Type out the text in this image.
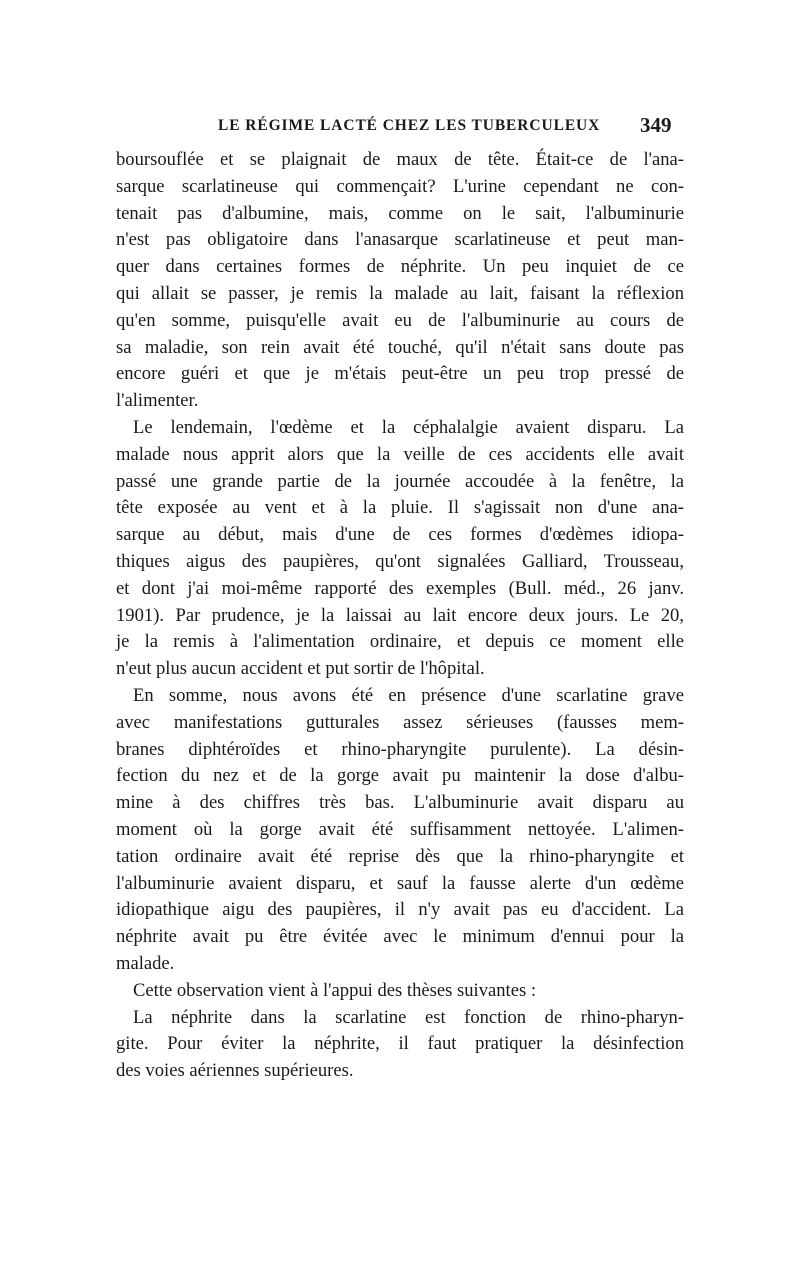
LE RÉGIME LACTÉ CHEZ LES TUBERCULEUX 349
boursouflée et se plaignait de maux de tête. Était-ce de l'ana-
sarque scarlatineuse qui commençait? L'urine cependant ne con-
tenait pas d'albumine, mais, comme on le sait, l'albuminurie
n'est pas obligatoire dans l'anasarque scarlatineuse et peut man-
quer dans certaines formes de néphrite. Un peu inquiet de ce
qui allait se passer, je remis la malade au lait, faisant la réflexion
qu'en somme, puisqu'elle avait eu de l'albuminurie au cours de
sa maladie, son rein avait été touché, qu'il n'était sans doute pas
encore guéri et que je m'étais peut-être un peu trop pressé de
l'alimenter.
Le lendemain, l'œdème et la céphalalgie avaient disparu. La
malade nous apprit alors que la veille de ces accidents elle avait
passé une grande partie de la journée accoudée à la fenêtre, la
tête exposée au vent et à la pluie. Il s'agissait non d'une ana-
sarque au début, mais d'une de ces formes d'œdèmes idiopa-
thiques aigus des paupières, qu'ont signalées Galliard, Trousseau,
et dont j'ai moi-même rapporté des exemples (Bull. méd., 26 janv.
1901). Par prudence, je la laissai au lait encore deux jours. Le 20,
je la remis à l'alimentation ordinaire, et depuis ce moment elle
n'eut plus aucun accident et put sortir de l'hôpital.
En somme, nous avons été en présence d'une scarlatine grave
avec manifestations gutturales assez sérieuses (fausses mem-
branes diphtéroïdes et rhino-pharyngite purulente). La désin-
fection du nez et de la gorge avait pu maintenir la dose d'albu-
mine à des chiffres très bas. L'albuminurie avait disparu au
moment où la gorge avait été suffisamment nettoyée. L'alimen-
tation ordinaire avait été reprise dès que la rhino-pharyngite et
l'albuminurie avaient disparu, et sauf la fausse alerte d'un œdème
idiopathique aigu des paupières, il n'y avait pas eu d'accident. La
néphrite avait pu être évitée avec le minimum d'ennui pour la
malade.
Cette observation vient à l'appui des thèses suivantes :
La néphrite dans la scarlatine est fonction de rhino-pharyn-
gite. Pour éviter la néphrite, il faut pratiquer la désinfection
des voies aériennes supérieures.
